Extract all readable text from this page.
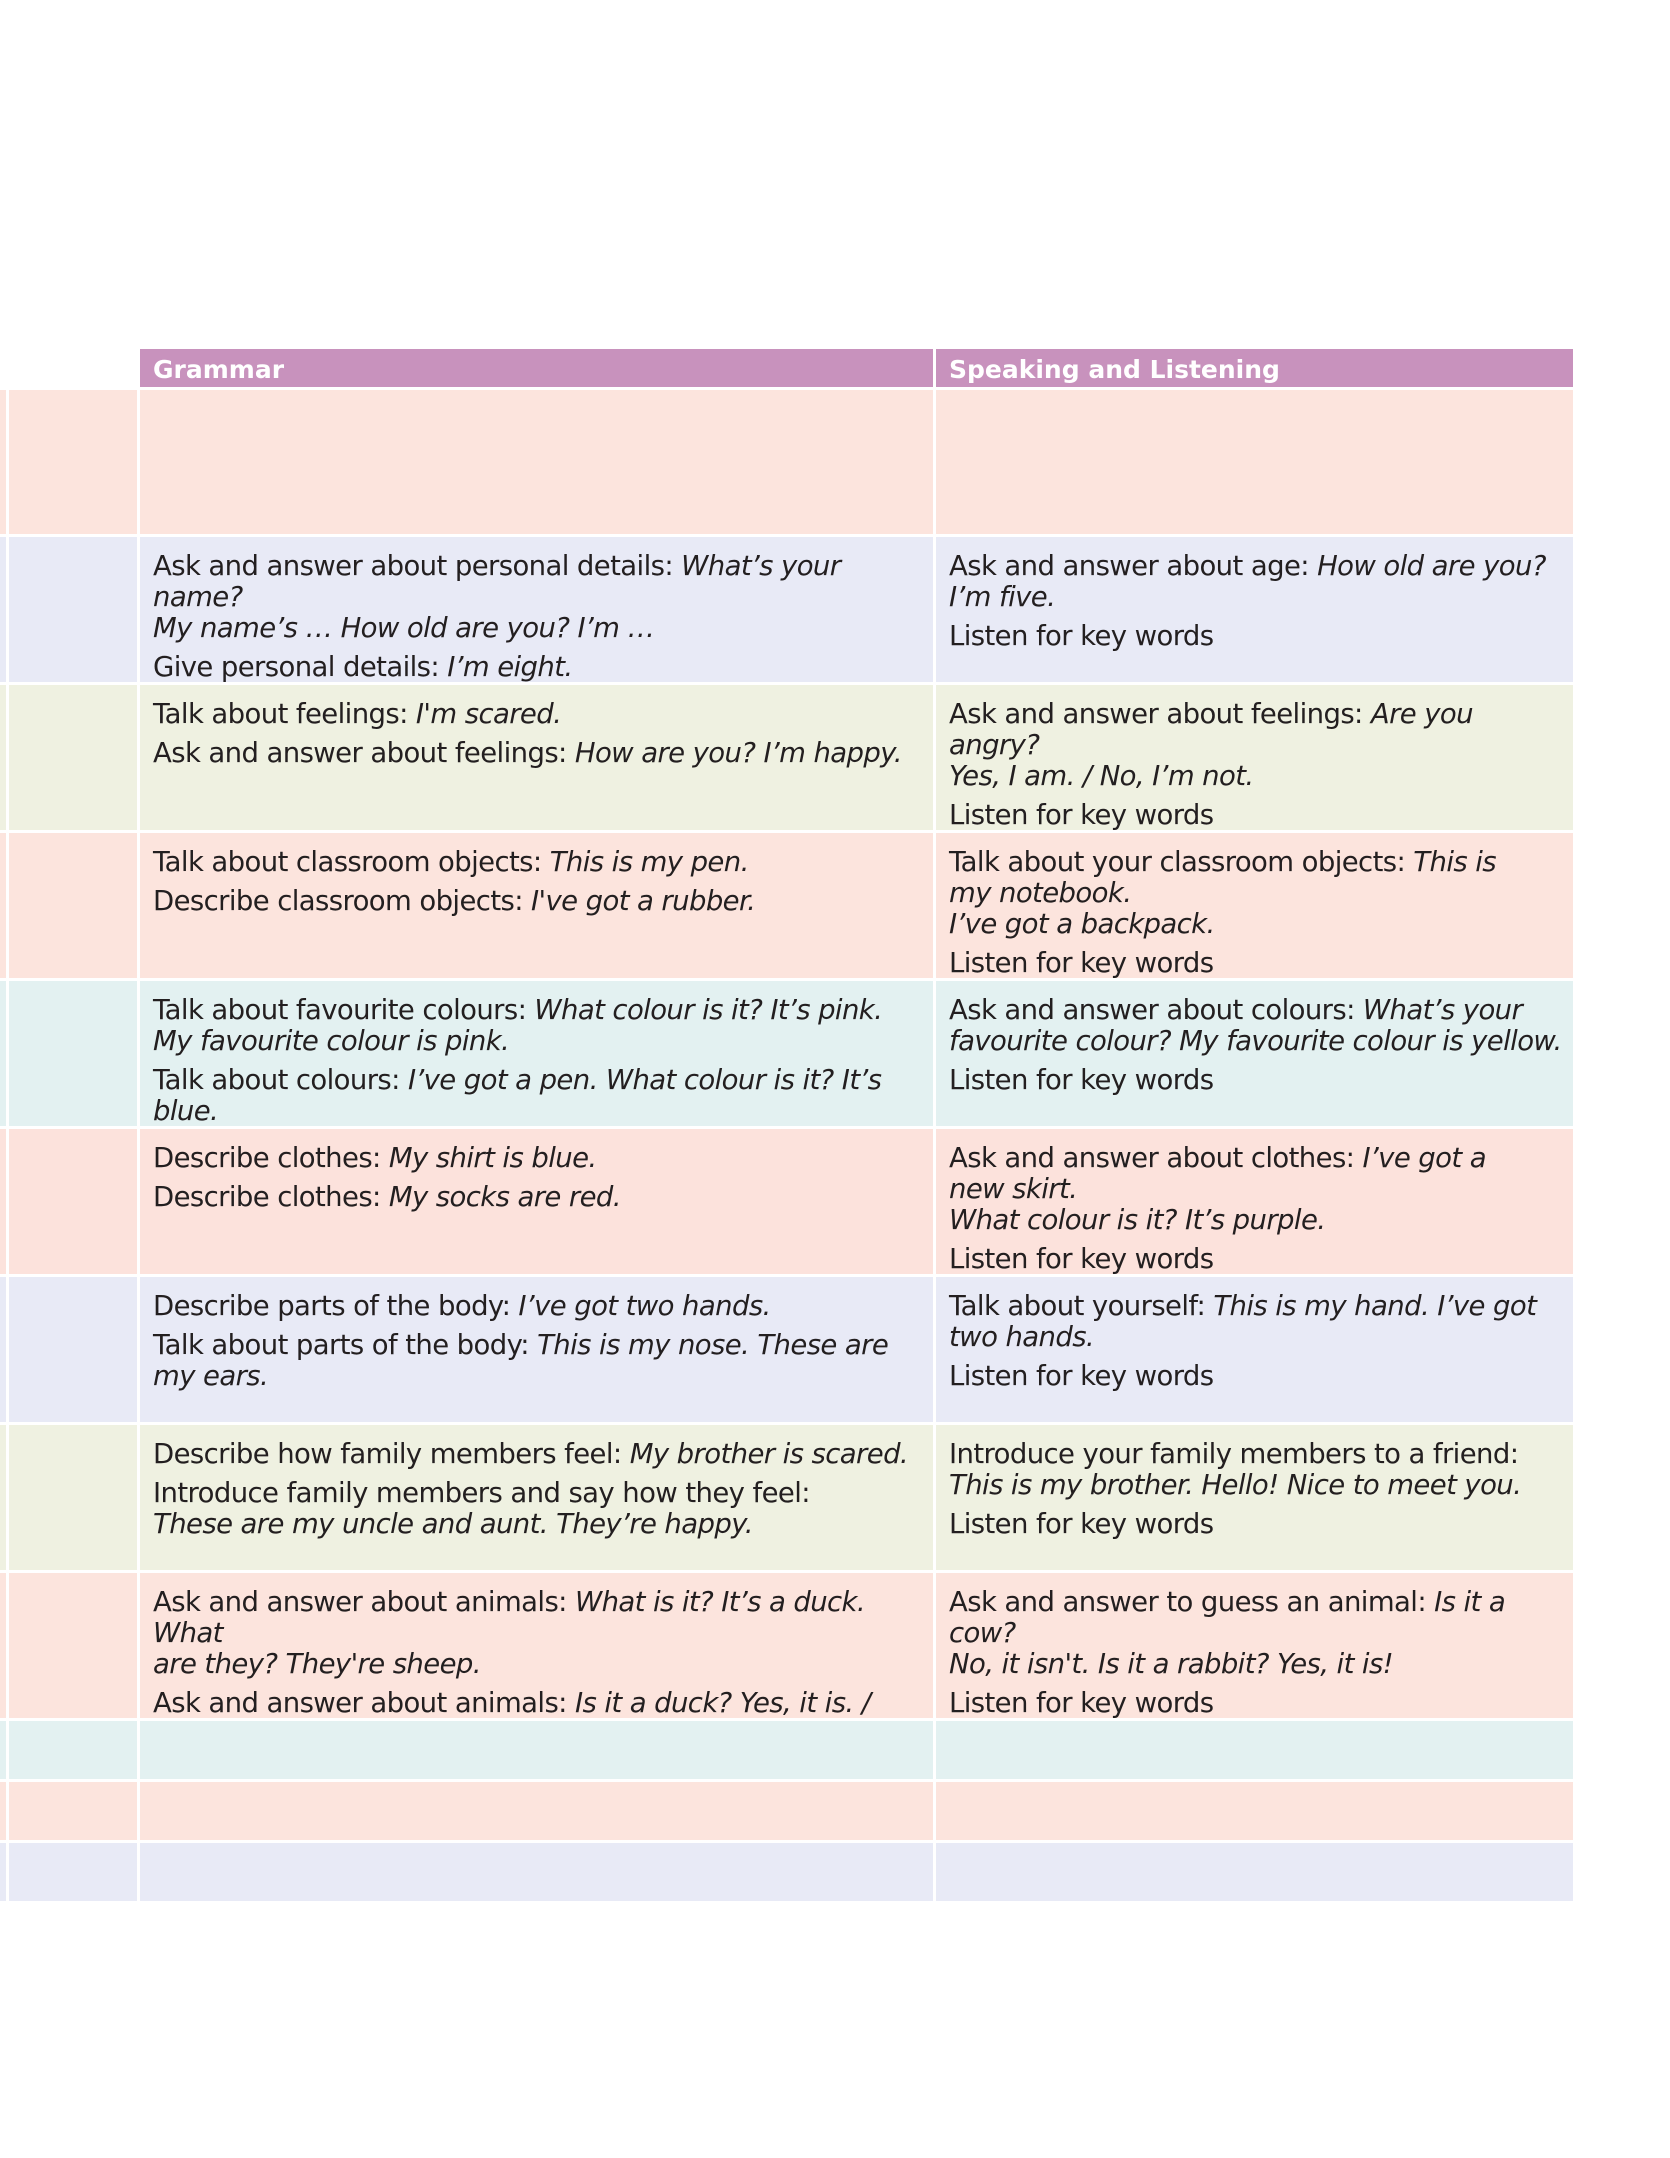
Grammar	Speaking and Listening
Ask and answer about personal details: What’s your name?
My name’s … How old are you? I’m …
Give personal details: I’m eight.
Ask and answer about age: How old are you?
I’m five.
Listen for key words
Talk about feelings: I'm scared.
Ask and answer about feelings: How are you? I’m happy.
Ask and answer about feelings: Are you angry?
Yes, I am. / No, I’m not.
Listen for key words
Talk about classroom objects: This is my pen.
Describe classroom objects: I've got a rubber.
Talk about your classroom objects: This is
my notebook.
I’ve got a backpack.
Listen for key words
Talk about favourite colours: What colour is it? It’s pink.
My favourite colour is pink.
Talk about colours: I’ve got a pen. What colour is it? It’s blue.
Ask and answer about colours: What’s your
favourite colour? My favourite colour is yellow.
Listen for key words
Describe clothes: My shirt is blue.
Describe clothes: My socks are red.
Ask and answer about clothes: I’ve got a
new skirt.
What colour is it? It’s purple.
Listen for key words
Describe parts of the body: I’ve got two hands.
Talk about parts of the body: This is my nose. These are
my ears.
Talk about yourself: This is my hand. I’ve got
two hands.
Listen for key words
Describe how family members feel: My brother is scared.
Introduce family members and say how they feel:
These are my uncle and aunt. They’re happy.
Introduce your family members to a friend:
This is my brother. Hello! Nice to meet you.
Listen for key words
Ask and answer about animals: What is it? It’s a duck. What
are they? They're sheep.
Ask and answer about animals: Is it a duck? Yes, it is. /
Ask and answer to guess an animal: Is it a cow?
No, it isn't. Is it a rabbit? Yes, it is!
Listen for key words
